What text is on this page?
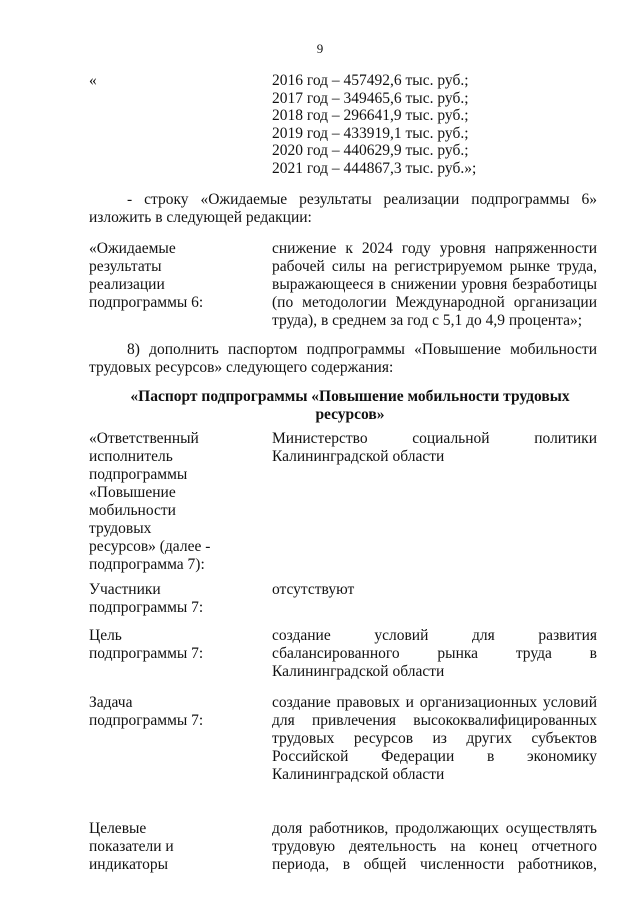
9
«	2016 год – 457492,6 тыс. руб.;
2017 год – 349465,6 тыс. руб.;
2018 год – 296641,9 тыс. руб.;
2019 год – 433919,1 тыс. руб.;
2020 год – 440629,9 тыс. руб.;
2021 год – 444867,3 тыс. руб.»;
- строку «Ожидаемые результаты реализации подпрограммы 6» изложить в следующей редакции:
«Ожидаемые результаты реализации подпрограммы 6:
снижение к 2024 году уровня напряженности рабочей силы на регистрируемом рынке труда, выражающееся в снижении уровня безработицы (по методологии Международной организации труда), в среднем за год с 5,1 до 4,9 процента»;
8) дополнить паспортом подпрограммы «Повышение мобильности трудовых ресурсов» следующего содержания:
«Паспорт подпрограммы «Повышение мобильности трудовых ресурсов»
«Ответственный исполнитель подпрограммы «Повышение мобильности трудовых ресурсов» (далее - подпрограмма 7):
Министерство социальной политики Калининградской области
Участники подпрограммы 7:
отсутствуют
Цель подпрограммы 7:
создание условий для развития сбалансированного рынка труда в Калининградской области
Задача подпрограммы 7:
создание правовых и организационных условий для привлечения высококвалифицированных трудовых ресурсов из других субъектов Российской Федерации в экономику Калининградской области
Целевые показатели и индикаторы
доля работников, продолжающих осуществлять трудовую деятельность на конец отчетного периода, в общей численности работников,
